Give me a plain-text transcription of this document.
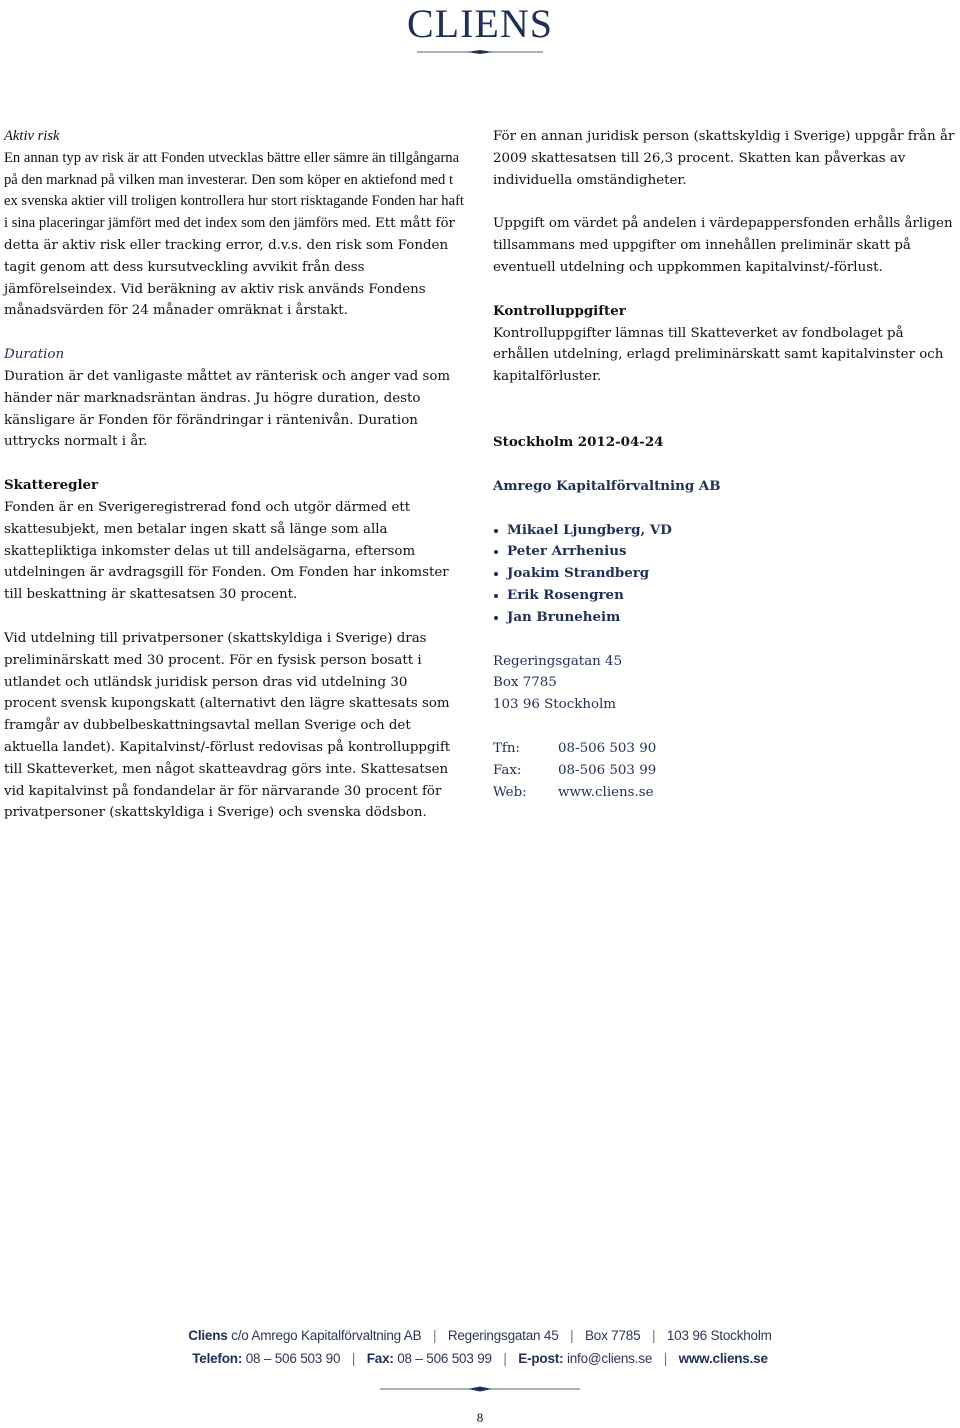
CLIENS

Aktiv risk

En annan typ av risk är att Fonden utvecklas bättre eller sämre än tillgångarna på den marknad på vilken man investerar. Den som köper en aktiefond med t ex svenska aktier vill troligen kontrollera hur stort risktagande Fonden har haft i sina placeringar jämfört med det index som den jämförs med. Ett mått för detta är aktiv risk eller tracking error, d.v.s. den risk som Fonden tagit genom att dess kursutveckling avvikit från dess jämförelseindex. Vid beräkning av aktiv risk används Fondens månadsvärden för 24 månader omräknat i årstakt.

Duration

Duration är det vanligaste måttet av ränterisk och anger vad som händer när marknadsräntan ändras. Ju högre duration, desto känsligare är Fonden för förändringar i räntenivån. Duration uttrycks normalt i år.

Skatteregler

Fonden är en Sverigeregistrerad fond och utgör därmed ett skattesubjekt, men betalar ingen skatt så länge som alla skattepliktiga inkomster delas ut till andelsägarna, eftersom utdelningen är avdragsgill för Fonden. Om Fonden har inkomster till beskattning är skattesatsen 30 procent.

Vid utdelning till privatpersoner (skattskyldiga i Sverige) dras preliminärskatt med 30 procent. För en fysisk person bosatt i utlandet och utländsk juridisk person dras vid utdelning 30 procent svensk kupongskatt (alternativt den lägre skattesats som framgår av dubbelbeskattningsavtal mellan Sverige och det aktuella landet). Kapitalvinst/-förlust redovisas på kontrolluppgift till Skatteverket, men något skatteavdrag görs inte. Skattesatsen vid kapitalvinst på fondandelar är för närvarande 30 procent för privatpersoner (skattskyldiga i Sverige) och svenska dödsbon.

För en annan juridisk person (skattskyldig i Sverige) uppgår från år 2009 skattesatsen till 26,3 procent. Skatten kan påverkas av individuella omständigheter.

Uppgift om värdet på andelen i värdepappersfonden erhålls årligen tillsammans med uppgifter om innehållen preliminär skatt på eventuell utdelning och uppkommen kapitalvinst/-förlust.

Kontrolluppgifter

Kontrolluppgifter lämnas till Skatteverket av fondbolaget på erhållen utdelning, erlagd preliminärskatt samt kapitalvinster och kapitalförluster.

Stockholm 2012-04-24

Amrego Kapitalförvaltning AB

Mikael Ljungberg, VD
Peter Arrhenius
Joakim Strandberg
Erik Rosengren
Jan Bruneheim

Regeringsgatan 45

Box 7785

103 96 Stockholm

Tfn:	08-506 503 90
Fax:	08-506 503 99
Web:	www.cliens.se
Cliens c/o Amrego Kapitalförvaltning AB | Regeringsgatan 45 | Box 7785 | 103 96 Stockholm
Telefon: 08 – 506 503 90 | Fax: 08 – 506 503 99 | E-post: info@cliens.se | www.cliens.se
8
